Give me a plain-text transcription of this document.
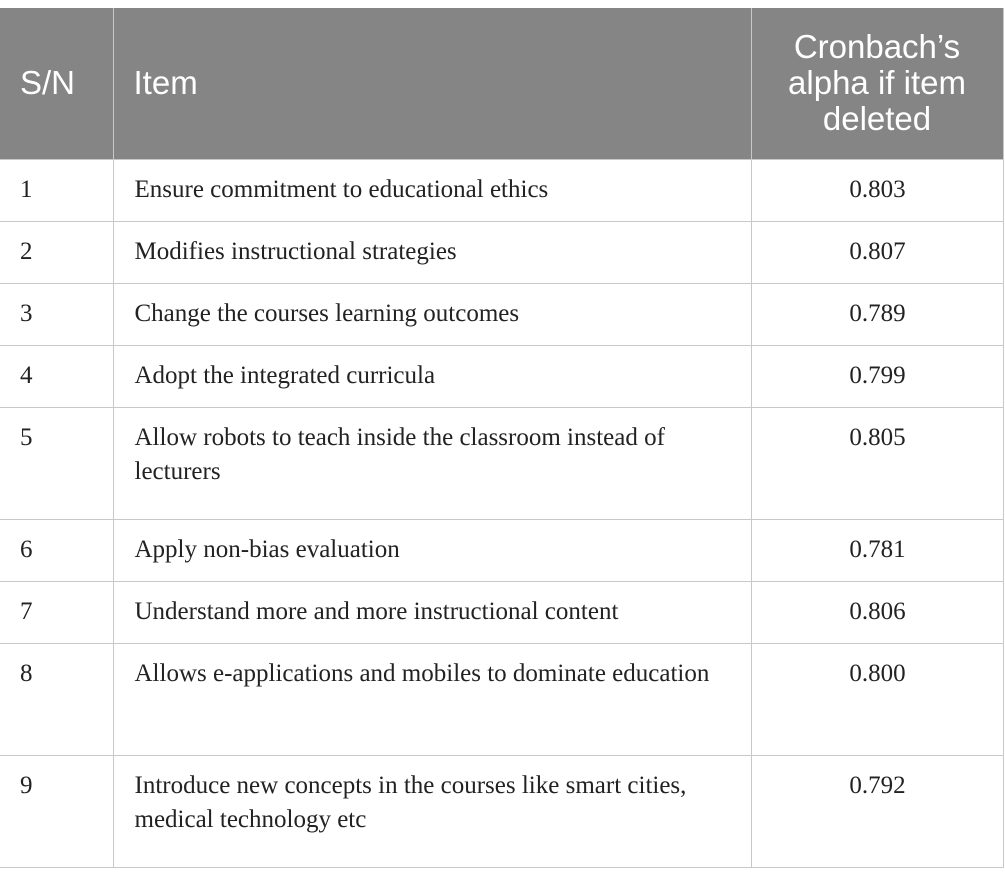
S/N	Item	Cronbach’s alpha if item deleted
1	Ensure commitment to educational ethics	0.803
2	Modifies instructional strategies	0.807
3	Change the courses learning outcomes	0.789
4	Adopt the integrated curricula	0.799
5	Allow robots to teach inside the classroom instead of lecturers	0.805
6	Apply non-bias evaluation	0.781
7	Understand more and more instructional content	0.806
8	Allows e-applications and mobiles to dominate education	0.800
9	Introduce new concepts in the courses like smart cities, medical technology etc	0.792
